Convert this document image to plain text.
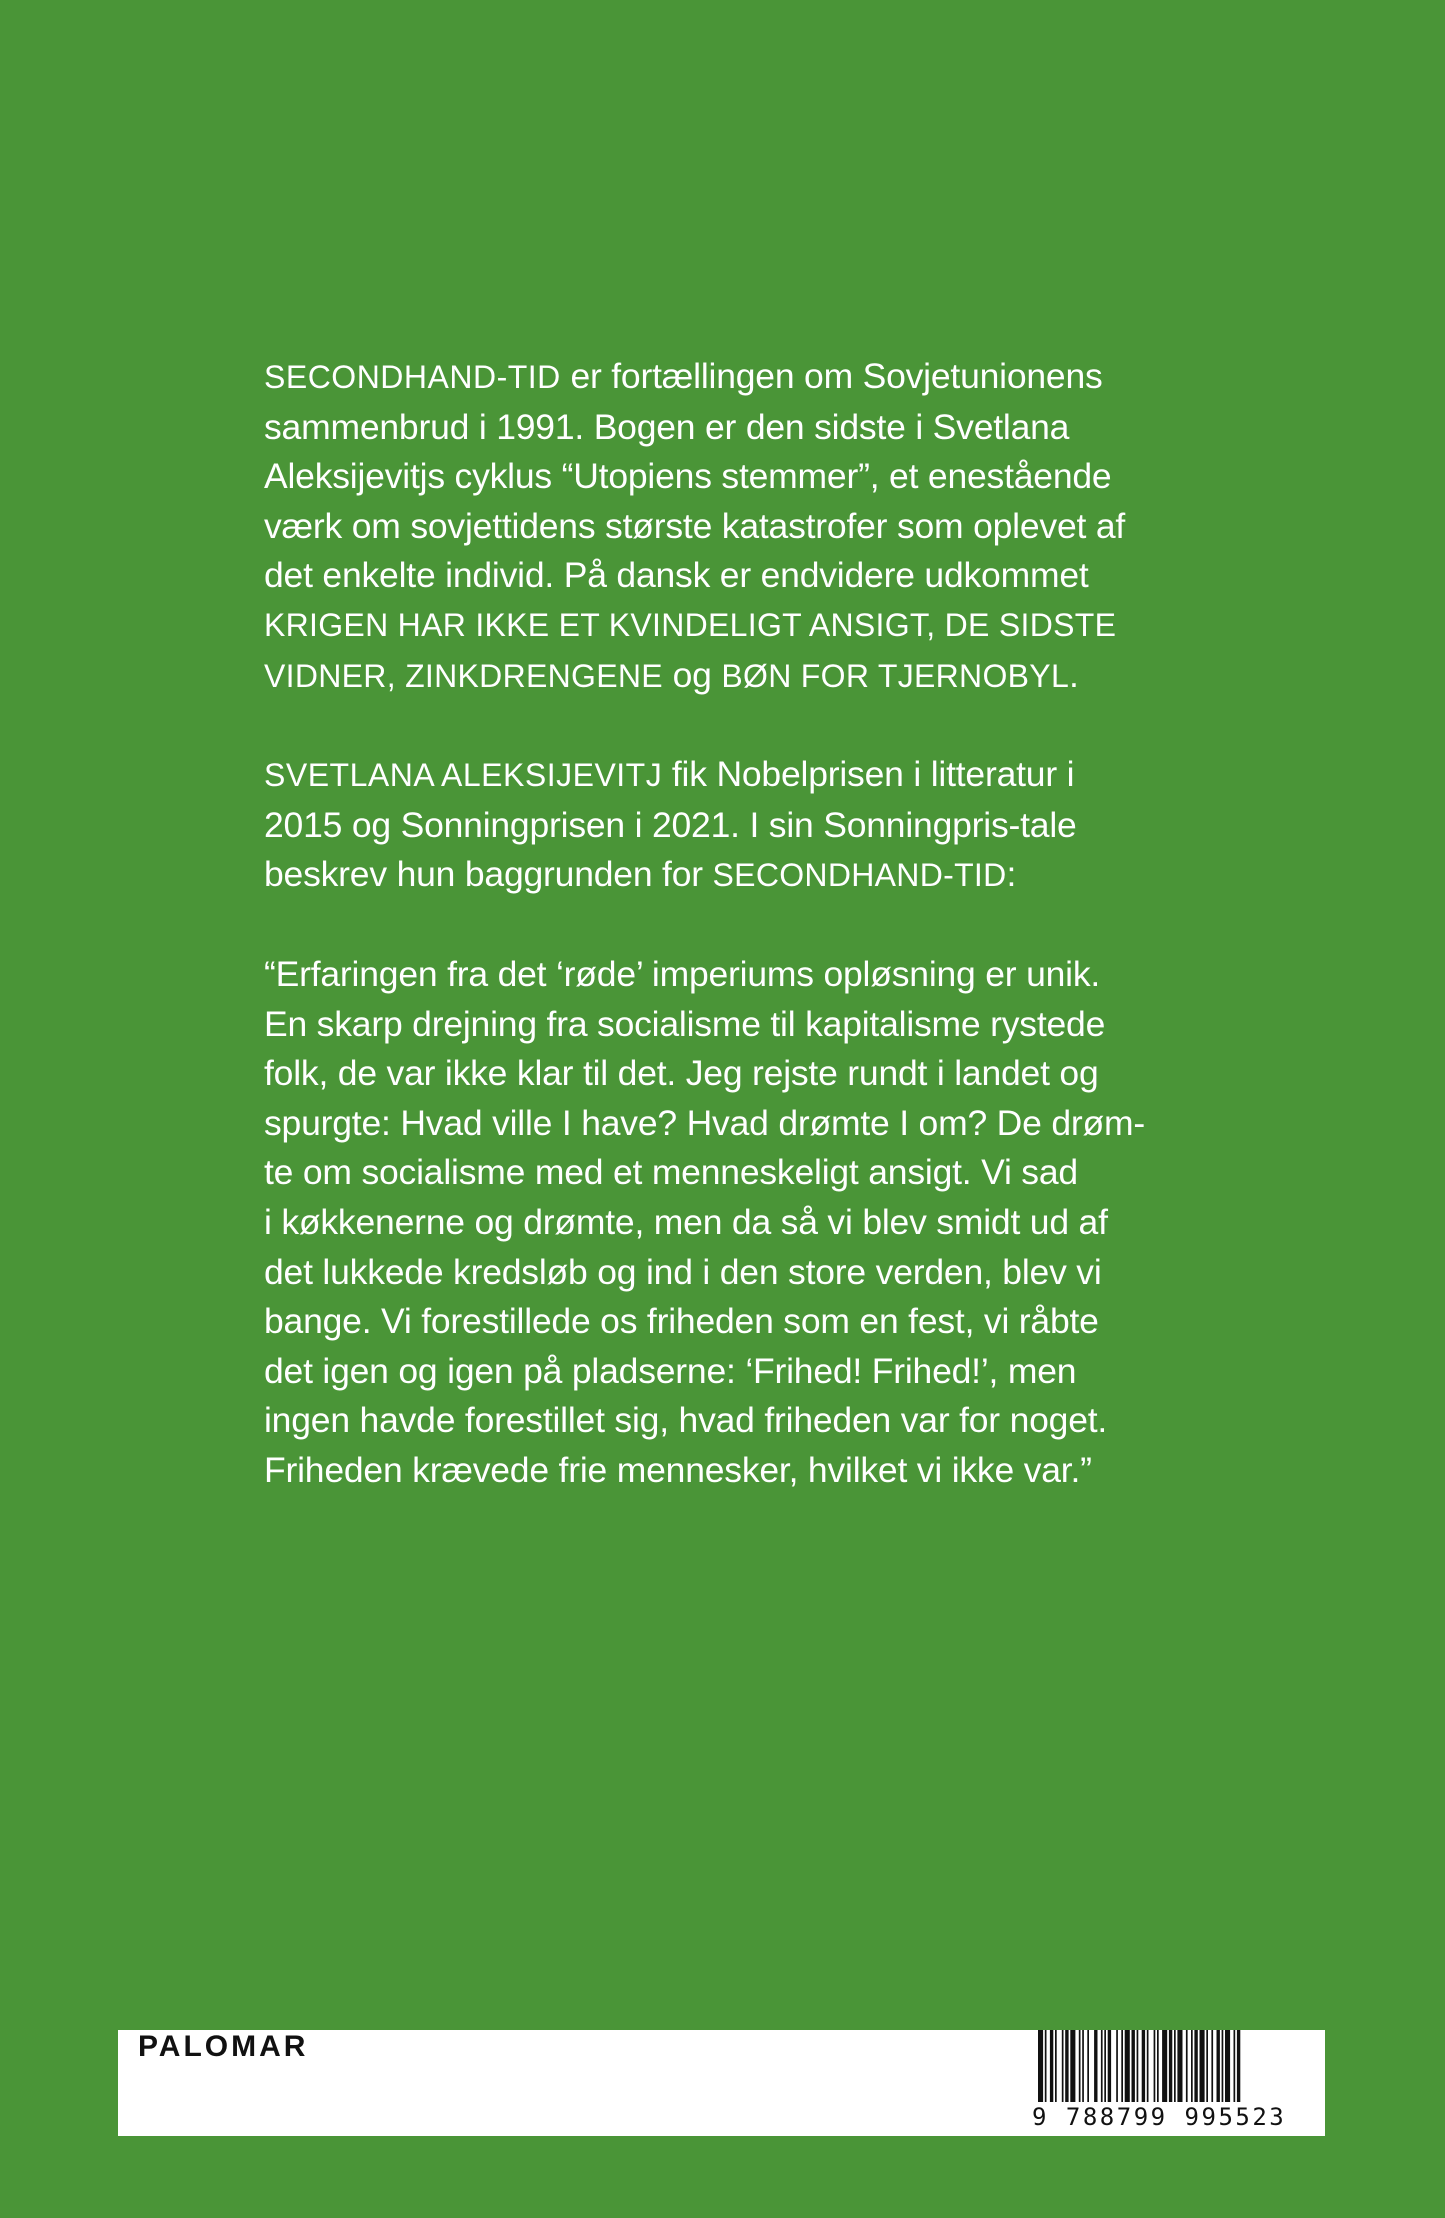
SECONDHAND-TID er fortællingen om Sovjetunionens
sammenbrud i 1991. Bogen er den sidste i Svetlana
Aleksijevitjs cyklus “Utopiens stemmer”, et enestående
værk om sovjettidens største katastrofer som oplevet af
det enkelte individ. På dansk er endvidere udkommet
KRIGEN HAR IKKE ET KVINDELIGT ANSIGT, DE SIDSTE
VIDNER, ZINKDRENGENE og BØN FOR TJERNOBYL.

SVETLANA ALEKSIJEVITJ fik Nobelprisen i litteratur i
2015 og Sonningprisen i 2021. I sin Sonningpris-tale
beskrev hun baggrunden for SECONDHAND-TID:

“Erfaringen fra det ‘røde’ imperiums opløsning er unik.
En skarp drejning fra socialisme til kapitalisme rystede
folk, de var ikke klar til det. Jeg rejste rundt i landet og
spurgte: Hvad ville I have? Hvad drømte I om? De drøm-
te om socialisme med et menneskeligt ansigt. Vi sad
i køkkenerne og drømte, men da så vi blev smidt ud af
det lukkede kredsløb og ind i den store verden, blev vi
bange. Vi forestillede os friheden som en fest, vi råbte
det igen og igen på pladserne: ‘Frihed! Frihed!’, men
ingen havde forestillet sig, hvad friheden var for noget.
Friheden krævede frie mennesker, hvilket vi ikke var.”

PALOMAR
9 788799 995523
